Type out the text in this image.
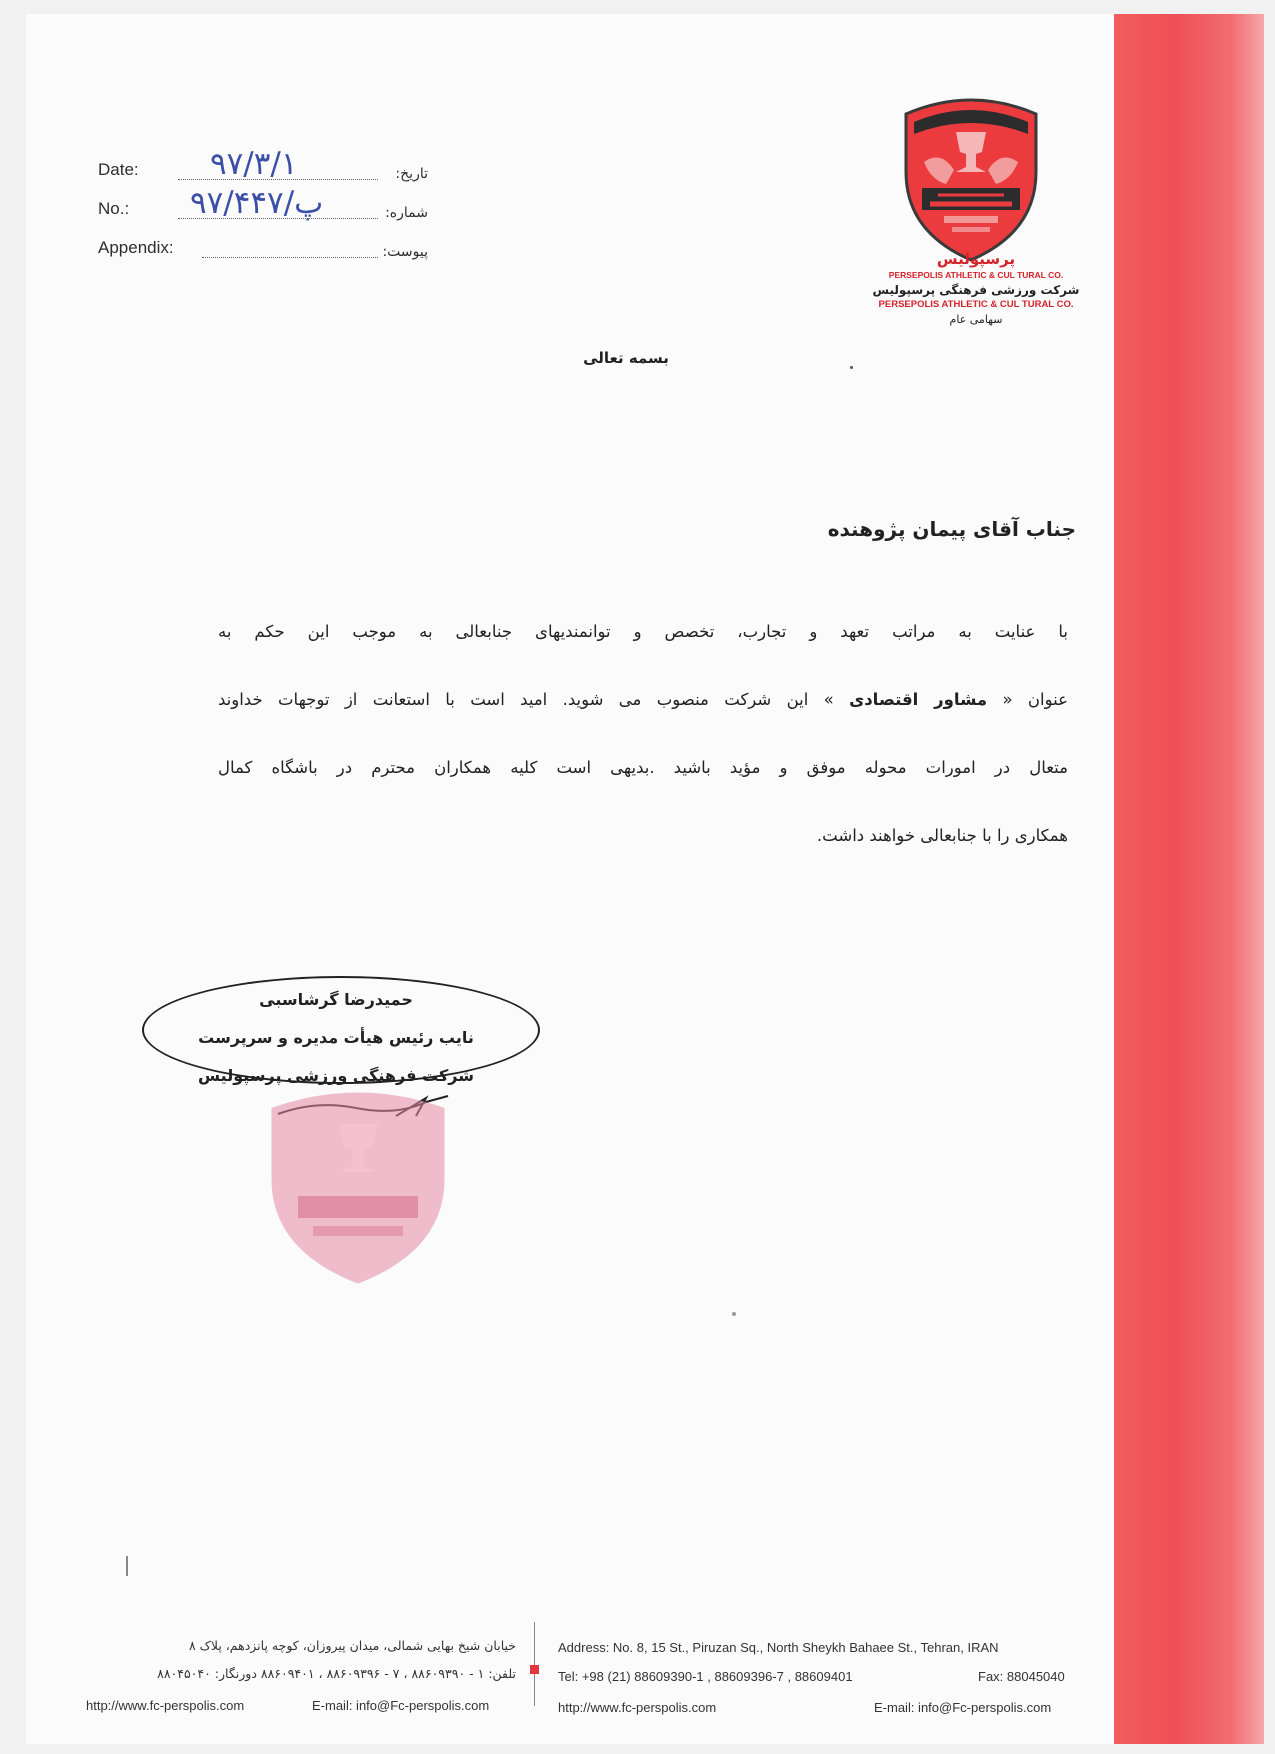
Date: ۹۷/۳/۱	تاریخ:
No.: ۹۷/پ/۴۴۷	شماره:
Appendix:	پیوست:	پرسپولیس
PERSEPOLIS ATHLETIC & CUL TURAL CO.
شرکت ورزشی فرهنگی پرسپولیس
PERSEPOLIS ATHLETIC & CUL TURAL CO.
سهامی عام
بسمه تعالی
جناب آقای پیمان پژوهنده
با عنایت به مراتب تعهد و تجارب، تخصص و توانمندیهای جنابعالی به موجب این حکم به
عنوان « مشاور اقتصادی » این شرکت منصوب می شوید. امید است با استعانت از توجهات خداوند
متعال در امورات محوله موفق و مؤید باشید .بدیهی است کلیه همکاران محترم در باشگاه کمال
همکاری را با جنابعالی خواهند داشت.
حمیدرضا گرشاسبی
نایب رئیس هیأت مدیره و سرپرست
شرکت فرهنگی ورزشی پرسپولیس
خیابان شیخ بهایی شمالی، میدان پیروزان، کوچه پانزدهم، پلاک ۸
تلفن: ۱ - ۸۸۶۰۹۳۹۰ ، ۷ - ۸۸۶۰۹۳۹۶ ، ۸۸۶۰۹۴۰۱ دورنگار: ۸۸۰۴۵۰۴۰
http://www.fc-perspolis.com	E-mail: info@Fc-perspolis.com
Address: No. 8, 15 St., Piruzan Sq., North Sheykh Bahaee St., Tehran, IRAN
Tel: +98 (21) 88609390-1 , 88609396-7 , 88609401	Fax: 88045040
http://www.fc-perspolis.com	E-mail: info@Fc-perspolis.com
